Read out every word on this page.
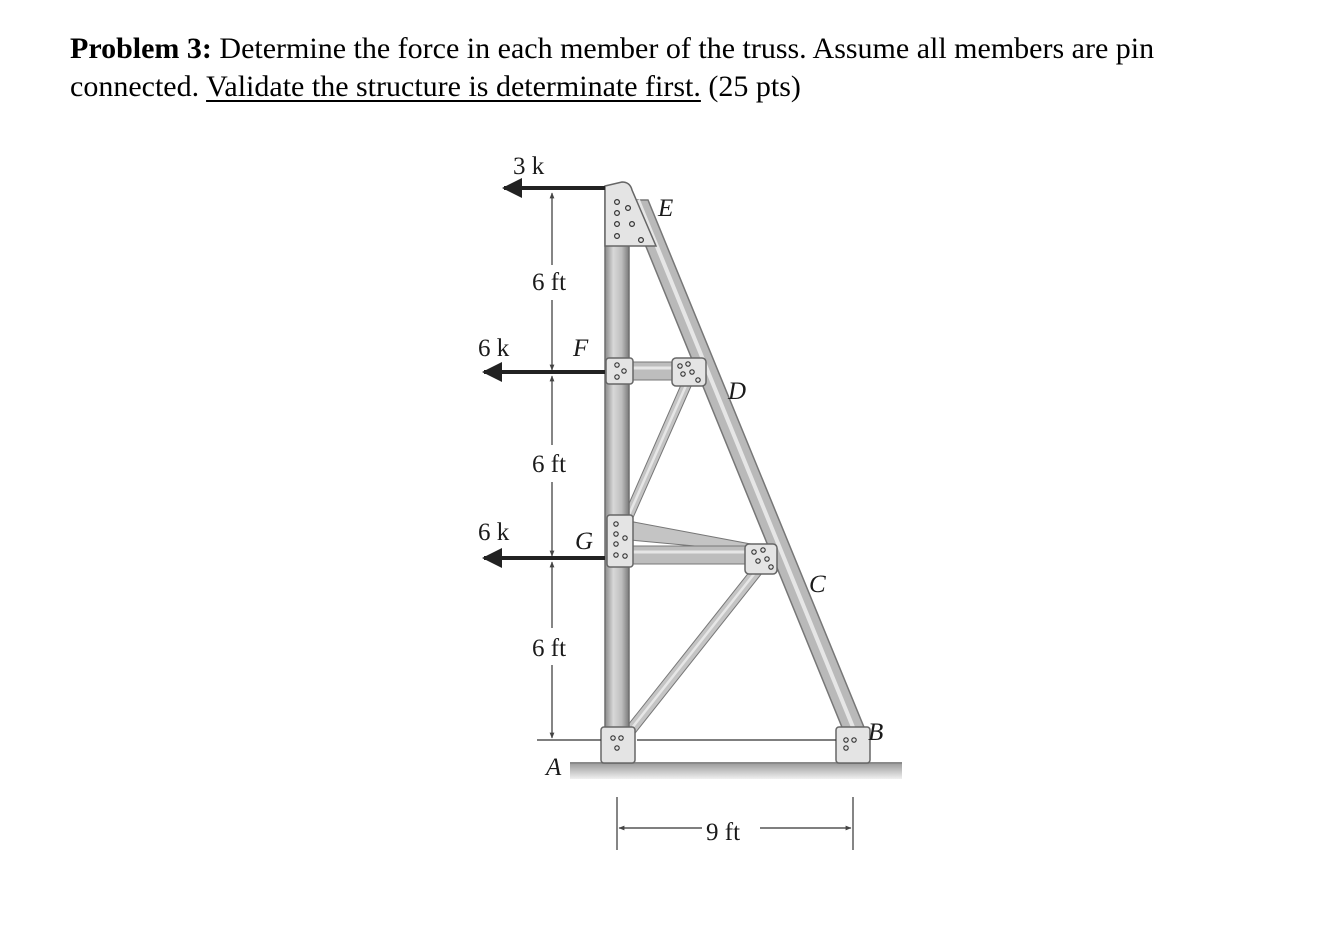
Problem 3: Determine the force in each member of the truss. Assume all members are pin connected. Validate the structure is determinate first. (25 pts)

3 k
6 k
6 k
6 ft
6 ft
6 ft
9 ft
E
F
D
G
C
A
B
